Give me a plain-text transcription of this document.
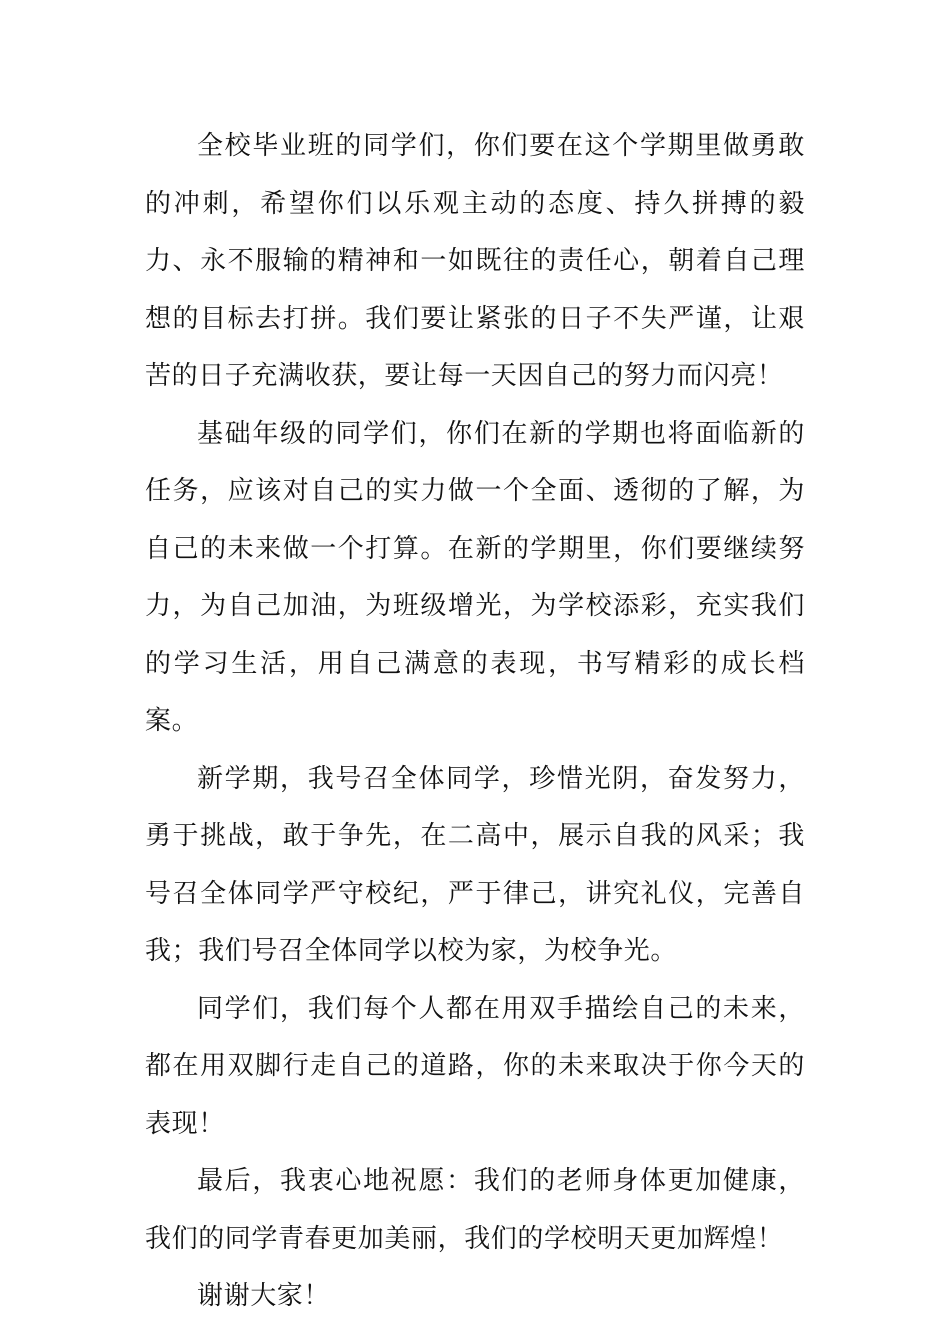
全校毕业班的同学们，你们要在这个学期里做勇敢的冲刺，希望你们以乐观主动的态度、持久拼搏的毅力、永不服输的精神和一如既往的责任心，朝着自己理想的目标去打拼。我们要让紧张的日子不失严谨，让艰苦的日子充满收获，要让每一天因自己的努力而闪亮！

基础年级的同学们，你们在新的学期也将面临新的任务，应该对自己的实力做一个全面、透彻的了解，为自己的未来做一个打算。在新的学期里，你们要继续努力，为自己加油，为班级增光，为学校添彩，充实我们的学习生活，用自己满意的表现，书写精彩的成长档案。

新学期，我号召全体同学，珍惜光阴，奋发努力，勇于挑战，敢于争先，在二高中，展示自我的风采；我号召全体同学严守校纪，严于律己，讲究礼仪，完善自我；我们号召全体同学以校为家，为校争光。

同学们，我们每个人都在用双手描绘自己的未来，都在用双脚行走自己的道路，你的未来取决于你今天的表现！

最后，我衷心地祝愿：我们的老师身体更加健康，我们的同学青春更加美丽，我们的学校明天更加辉煌！

谢谢大家！
